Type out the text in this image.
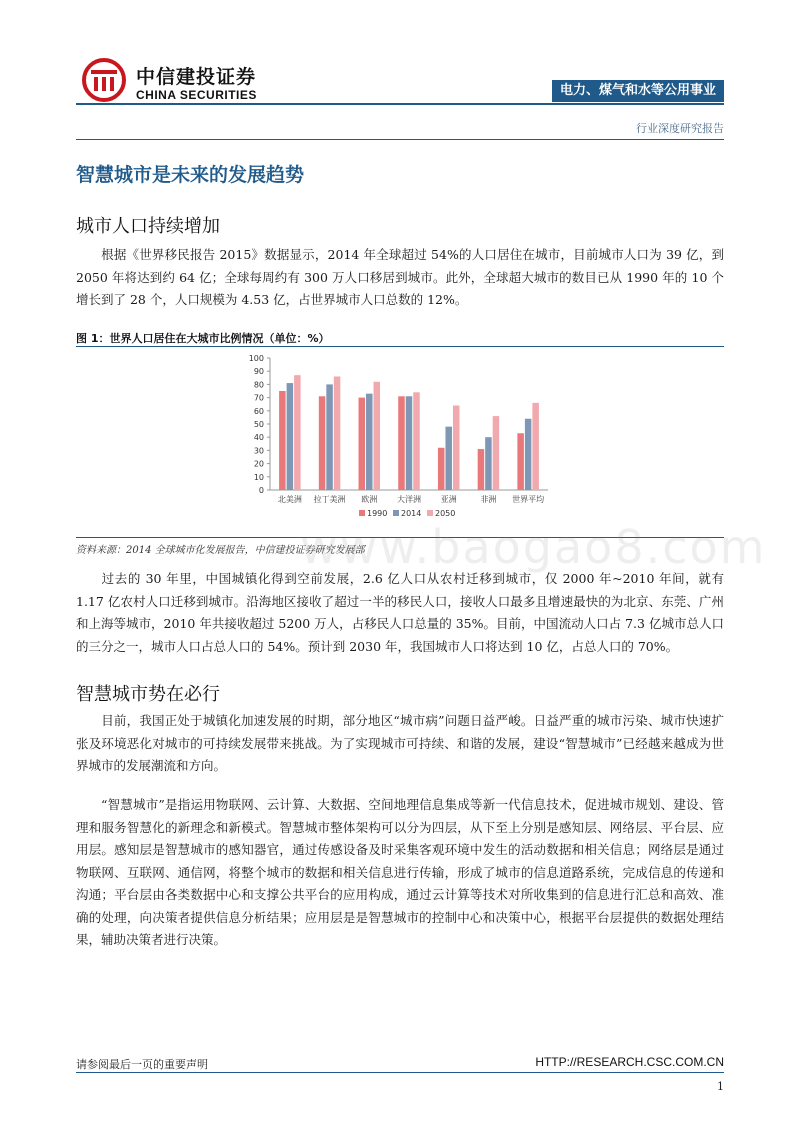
中信建投证券
CHINA SECURITIES	电力、煤气和水等公用事业
行业深度研究报告
智慧城市是未来的发展趋势
城市人口持续增加
根据《世界移民报告 2015》数据显示，2014 年全球超过 54%的人口居住在城市，目前城市人口为 39 亿，到 2050 年将达到约 64 亿；全球每周约有 300 万人口移居到城市。此外，全球超大城市的数目已从 1990 年的 10 个增长到了 28 个，人口规模为 4.53 亿，占世界城市人口总数的 12%。
图 1：世界人口居住在大城市比例情况（单位：%）
0
10
20
30
40
50
60
70
80
90
100
北美洲 拉丁美洲 欧洲 大洋洲 亚洲	非洲 世界平均
1990 2014 2050
资料来源：2014 全球城市化发展报告，中信建投证券研究发展部
www.baogao8.com
过去的 30 年里，中国城镇化得到空前发展，2.6 亿人口从农村迁移到城市，仅 2000 年~2010 年间，就有 1.17 亿农村人口迁移到城市。沿海地区接收了超过一半的移民人口，接收人口最多且增速最快的为北京、东莞、广州和上海等城市，2010 年共接收超过 5200 万人，占移民人口总量的 35%。目前，中国流动人口占 7.3 亿城市总人口的三分之一，城市人口占总人口的 54%。预计到 2030 年，我国城市人口将达到 10 亿，占总人口的 70%。
智慧城市势在必行
目前，我国正处于城镇化加速发展的时期，部分地区“城市病”问题日益严峻。日益严重的城市污染、城市快速扩张及环境恶化对城市的可持续发展带来挑战。为了实现城市可持续、和谐的发展，建设“智慧城市”已经越来越成为世界城市的发展潮流和方向。
“智慧城市”是指运用物联网、云计算、大数据、空间地理信息集成等新一代信息技术，促进城市规划、建设、管理和服务智慧化的新理念和新模式。智慧城市整体架构可以分为四层，从下至上分别是感知层、网络层、平台层、应用层。感知层是智慧城市的感知器官，通过传感设备及时采集客观环境中发生的活动数据和相关信息；网络层是通过物联网、互联网、通信网，将整个城市的数据和相关信息进行传输，形成了城市的信息道路系统，完成信息的传递和沟通；平台层由各类数据中心和支撑公共平台的应用构成，通过云计算等技术对所收集到的信息进行汇总和高效、准确的处理，向决策者提供信息分析结果；应用层是是智慧城市的控制中心和决策中心，根据平台层提供的数据处理结果，辅助决策者进行决策。
请参阅最后一页的重要声明	HTTP://RESEARCH.CSC.COM.CN
1
